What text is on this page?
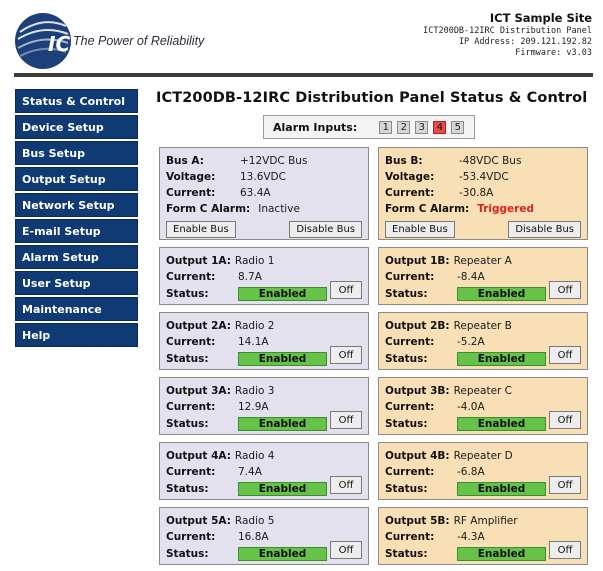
ICT
The Power of Reliability
ICT Sample Site
ICT200DB-12IRC Distribution Panel
IP Address: 209.121.192.82
Firmware: v3.03
Status & Control
Device Setup
Bus Setup
Output Setup
Network Setup
E-mail Setup
Alarm Setup
User Setup
Maintenance
Help
ICT200DB-12IRC Distribution Panel Status & Control
Alarm Inputs:	1	2	3	4	5
Bus A:	+12VDC Bus
Voltage:	13.6VDC
Current:	63.4A
Form C Alarm: Inactive
Enable Bus	Disable Bus
Bus B:	-48VDC Bus
Voltage:	-53.4VDC
Current:	-30.8A
Form C Alarm: Triggered
Enable Bus	Disable Bus
Output 1A: Radio 1
Current:	8.7A
Status:	Enabled	Off
Output 2A: Radio 2
Current:	14.1A
Status:	Enabled	Off
Output 3A: Radio 3
Current:	12.9A
Status:	Enabled	Off
Output 4A: Radio 4
Current:	7.4A
Status:	Enabled	Off
Output 5A: Radio 5
Current:	16.8A
Status:	Enabled	Off
Output 1B: Repeater A
Current:	-8.4A
Status:	Enabled	Off
Output 2B: Repeater B
Current:	-5.2A
Status:	Enabled	Off
Output 3B: Repeater C
Current:	-4.0A
Status:	Enabled	Off
Output 4B: Repeater D
Current:	-6.8A
Status:	Enabled	Off
Output 5B: RF Amplifier
Current:	-4.3A
Status:	Enabled	Off
